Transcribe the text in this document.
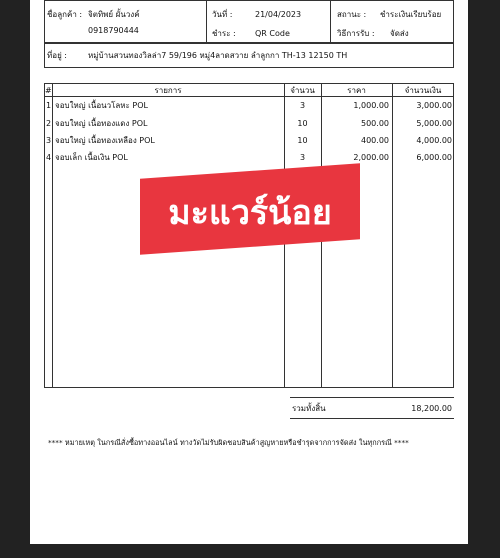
ชื่อลูกค้า : จิตทิพย์ ผั้นวงค์
0918790444
วันที่ :	21/04/2023
ชำระ : QR Code
สถานะ : ชำระเงินเรียบร้อย
วิธีการรับ : จัดส่ง
ที่อยู่ :	หมู่บ้านสวนทองวิลล่า7 59/196 หมู่4ลาดสวาย ลำลูกกา TH-13 12150 TH
#	รายการ	จำนวน	ราคา	จำนวนเงิน
1 จอบใหญ่ เนื้อนวโลหะ POL	3	1,000.00	3,000.00
2 จอบใหญ่ เนื้อทองแดง POL	10	500.00	5,000.00
3 จอบใหญ่ เนื้อทองเหลือง POL	10	400.00	4,000.00
4 จอบเล็ก เนื้อเงิน POL	3	2,000.00	6,000.00
รวมทั้งสิ้น	18,200.00
**** หมายเหตุ ในกรณีสั่งซื้อทางออนไลน์ ทางวัดไม่รับผิดชอบสินค้าสูญหายหรือชำรุดจากการจัดส่ง ในทุกกรณี ****
มะแวร์น้อย
